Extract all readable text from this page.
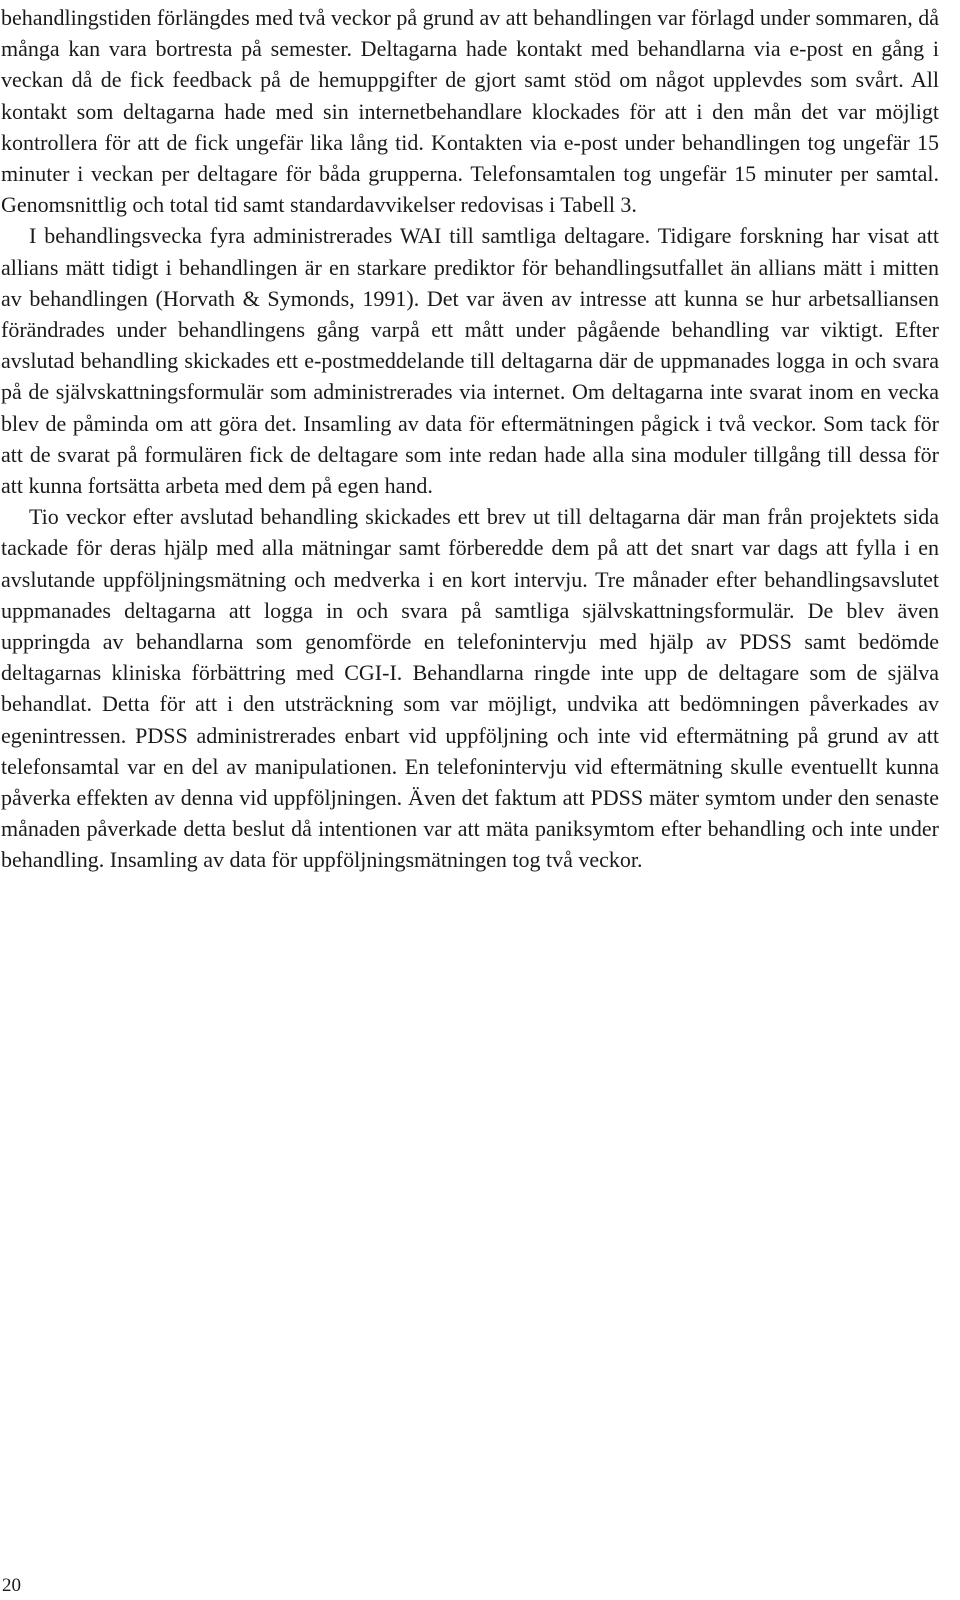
behandlingstiden förlängdes med två veckor på grund av att behandlingen var förlagd under sommaren, då många kan vara bortresta på semester. Deltagarna hade kontakt med behandlarna via e-post en gång i veckan då de fick feedback på de hemuppgifter de gjort samt stöd om något upplevdes som svårt. All kontakt som deltagarna hade med sin internetbehandlare klockades för att i den mån det var möjligt kontrollera för att de fick ungefär lika lång tid. Kontakten via e-post under behandlingen tog ungefär 15 minuter i veckan per deltagare för båda grupperna. Telefonsamtalen tog ungefär 15 minuter per samtal. Genomsnittlig och total tid samt standardavvikelser redovisas i Tabell 3.

I behandlingsvecka fyra administrerades WAI till samtliga deltagare. Tidigare forskning har visat att allians mätt tidigt i behandlingen är en starkare prediktor för behandlingsutfallet än allians mätt i mitten av behandlingen (Horvath & Symonds, 1991). Det var även av intresse att kunna se hur arbetsalliansen förändrades under behandlingens gång varpå ett mått under pågående behandling var viktigt. Efter avslutad behandling skickades ett e-postmeddelande till deltagarna där de uppmanades logga in och svara på de självskattningsformulär som administrerades via internet. Om deltagarna inte svarat inom en vecka blev de påminda om att göra det. Insamling av data för eftermätningen pågick i två veckor. Som tack för att de svarat på formulären fick de deltagare som inte redan hade alla sina moduler tillgång till dessa för att kunna fortsätta arbeta med dem på egen hand.

Tio veckor efter avslutad behandling skickades ett brev ut till deltagarna där man från projektets sida tackade för deras hjälp med alla mätningar samt förberedde dem på att det snart var dags att fylla i en avslutande uppföljningsmätning och medverka i en kort intervju. Tre månader efter behandlingsavslutet uppmanades deltagarna att logga in och svara på samtliga självskattningsformulär. De blev även uppringda av behandlarna som genomförde en telefonintervju med hjälp av PDSS samt bedömde deltagarnas kliniska förbättring med CGI-I. Behandlarna ringde inte upp de deltagare som de själva behandlat. Detta för att i den utsträckning som var möjligt, undvika att bedömningen påverkades av egenintressen. PDSS administrerades enbart vid uppföljning och inte vid eftermätning på grund av att telefonsamtal var en del av manipulationen. En telefonintervju vid eftermätning skulle eventuellt kunna påverka effekten av denna vid uppföljningen. Även det faktum att PDSS mäter symtom under den senaste månaden påverkade detta beslut då intentionen var att mäta paniksymtom efter behandling och inte under behandling. Insamling av data för uppföljningsmätningen tog två veckor.

20
